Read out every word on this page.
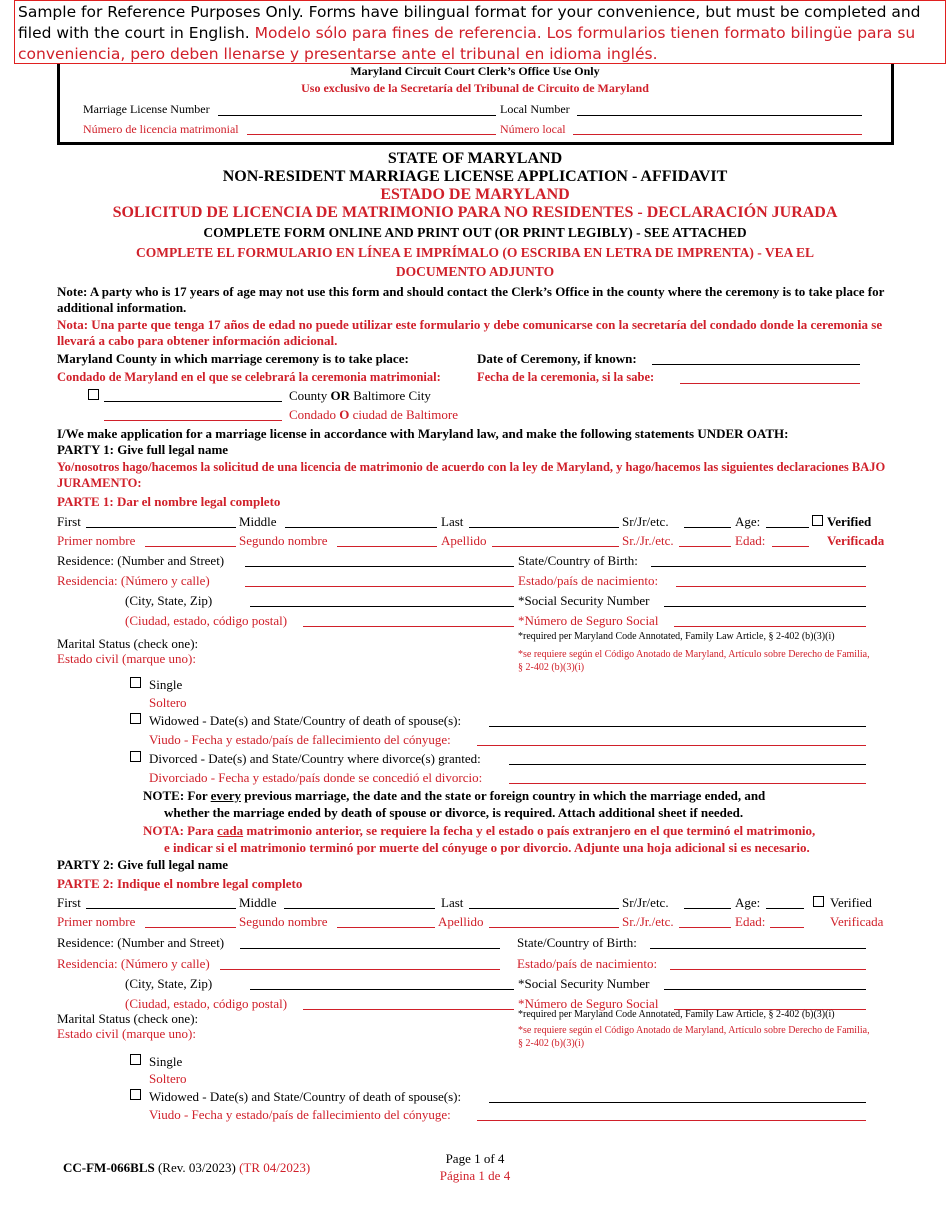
Sample for Reference Purposes Only. Forms have bilingual format for your convenience, but must be completed and filed with the court in English. Modelo sólo para fines de referencia. Los formularios tienen formato bilingüe para su conveniencia, pero deben llenarse y presentarse ante el tribunal en idioma inglés.
Maryland Circuit Court Clerk’s Office Use Only
Uso exclusivo de la Secretaría del Tribunal de Circuito de Maryland
Marriage License Number	Local Number
Número de licencia matrimonial	Número local
STATE OF MARYLAND
NON-RESIDENT MARRIAGE LICENSE APPLICATION - AFFIDAVIT
ESTADO DE MARYLAND
SOLICITUD DE LICENCIA DE MATRIMONIO PARA NO RESIDENTES - DECLARACIÓN JURADA
COMPLETE FORM ONLINE AND PRINT OUT (OR PRINT LEGIBLY) - SEE ATTACHED
COMPLETE EL FORMULARIO EN LÍNEA E IMPRÍMALO (O ESCRIBA EN LETRA DE IMPRENTA) - VEA EL
DOCUMENTO ADJUNTO
Note: A party who is 17 years of age may not use this form and should contact the Clerk’s Office in the county where the ceremony is to take place for additional information.
Nota: Una parte que tenga 17 años de edad no puede utilizar este formulario y debe comunicarse con la secretaría del condado donde la ceremonia se llevará a cabo para obtener información adicional.
Maryland County in which marriage ceremony is to take place:	Date of Ceremony, if known:
Condado de Maryland en el que se celebrará la ceremonia matrimonial:	Fecha de la ceremonia, si la sabe:
County OR Baltimore City
Condado O ciudad de Baltimore
I/We make application for a marriage license in accordance with Maryland law, and make the following statements UNDER OATH:
PARTY 1: Give full legal name
Yo/nosotros hago/hacemos la solicitud de una licencia de matrimonio de acuerdo con la ley de Maryland, y hago/hacemos las siguientes declaraciones BAJO JURAMENTO:
PARTE 1: Dar el nombre legal completo
First	Middle	Last	Sr/Jr/etc.	Age:	Verified
Primer nombre	Segundo nombre	Apellido	Sr./Jr./etc.	Edad:	Verificada
Residence: (Number and Street)	State/Country of Birth:
Residencia: (Número y calle)	Estado/país de nacimiento:
(City, State, Zip)	*Social Security Number
(Ciudad, estado, código postal)	*Número de Seguro Social
Marital Status (check one):
Estado civil (marque uno):
*required per Maryland Code Annotated, Family Law Article, § 2-402 (b)(3)(i)
*se requiere según el Código Anotado de Maryland, Artículo sobre Derecho de Familia, § 2-402 (b)(3)(i)
Single
Soltero
Widowed - Date(s) and State/Country of death of spouse(s):
Viudo - Fecha y estado/país de fallecimiento del cónyuge:
Divorced - Date(s) and State/Country where divorce(s) granted:
Divorciado - Fecha y estado/país donde se concedió el divorcio:
NOTE: For every previous marriage, the date and the state or foreign country in which the marriage ended, and
whether the marriage ended by death of spouse or divorce, is required. Attach additional sheet if needed.
NOTA: Para cada matrimonio anterior, se requiere la fecha y el estado o país extranjero en el que terminó el matrimonio,
e indicar si el matrimonio terminó por muerte del cónyuge o por divorcio. Adjunte una hoja adicional si es necesario.
PARTY 2: Give full legal name
PARTE 2: Indique el nombre legal completo
First	Middle	Last	Sr/Jr/etc.	Age:	Verified
Primer nombre	Segundo nombre	Apellido	Sr./Jr./etc.	Edad:	Verificada
Residence: (Number and Street)	State/Country of Birth:
Residencia: (Número y calle)	Estado/país de nacimiento:
(City, State, Zip)	*Social Security Number
(Ciudad, estado, código postal)	*Número de Seguro Social
Marital Status (check one):
Estado civil (marque uno):
*required per Maryland Code Annotated, Family Law Article, § 2-402 (b)(3)(i)
*se requiere según el Código Anotado de Maryland, Artículo sobre Derecho de Familia, § 2-402 (b)(3)(i)
Single
Soltero
Widowed - Date(s) and State/Country of death of spouse(s):
Viudo - Fecha y estado/país de fallecimiento del cónyuge:
CC-FM-066BLS (Rev. 03/2023) (TR 04/2023)
Page 1 of 4
Página 1 de 4
